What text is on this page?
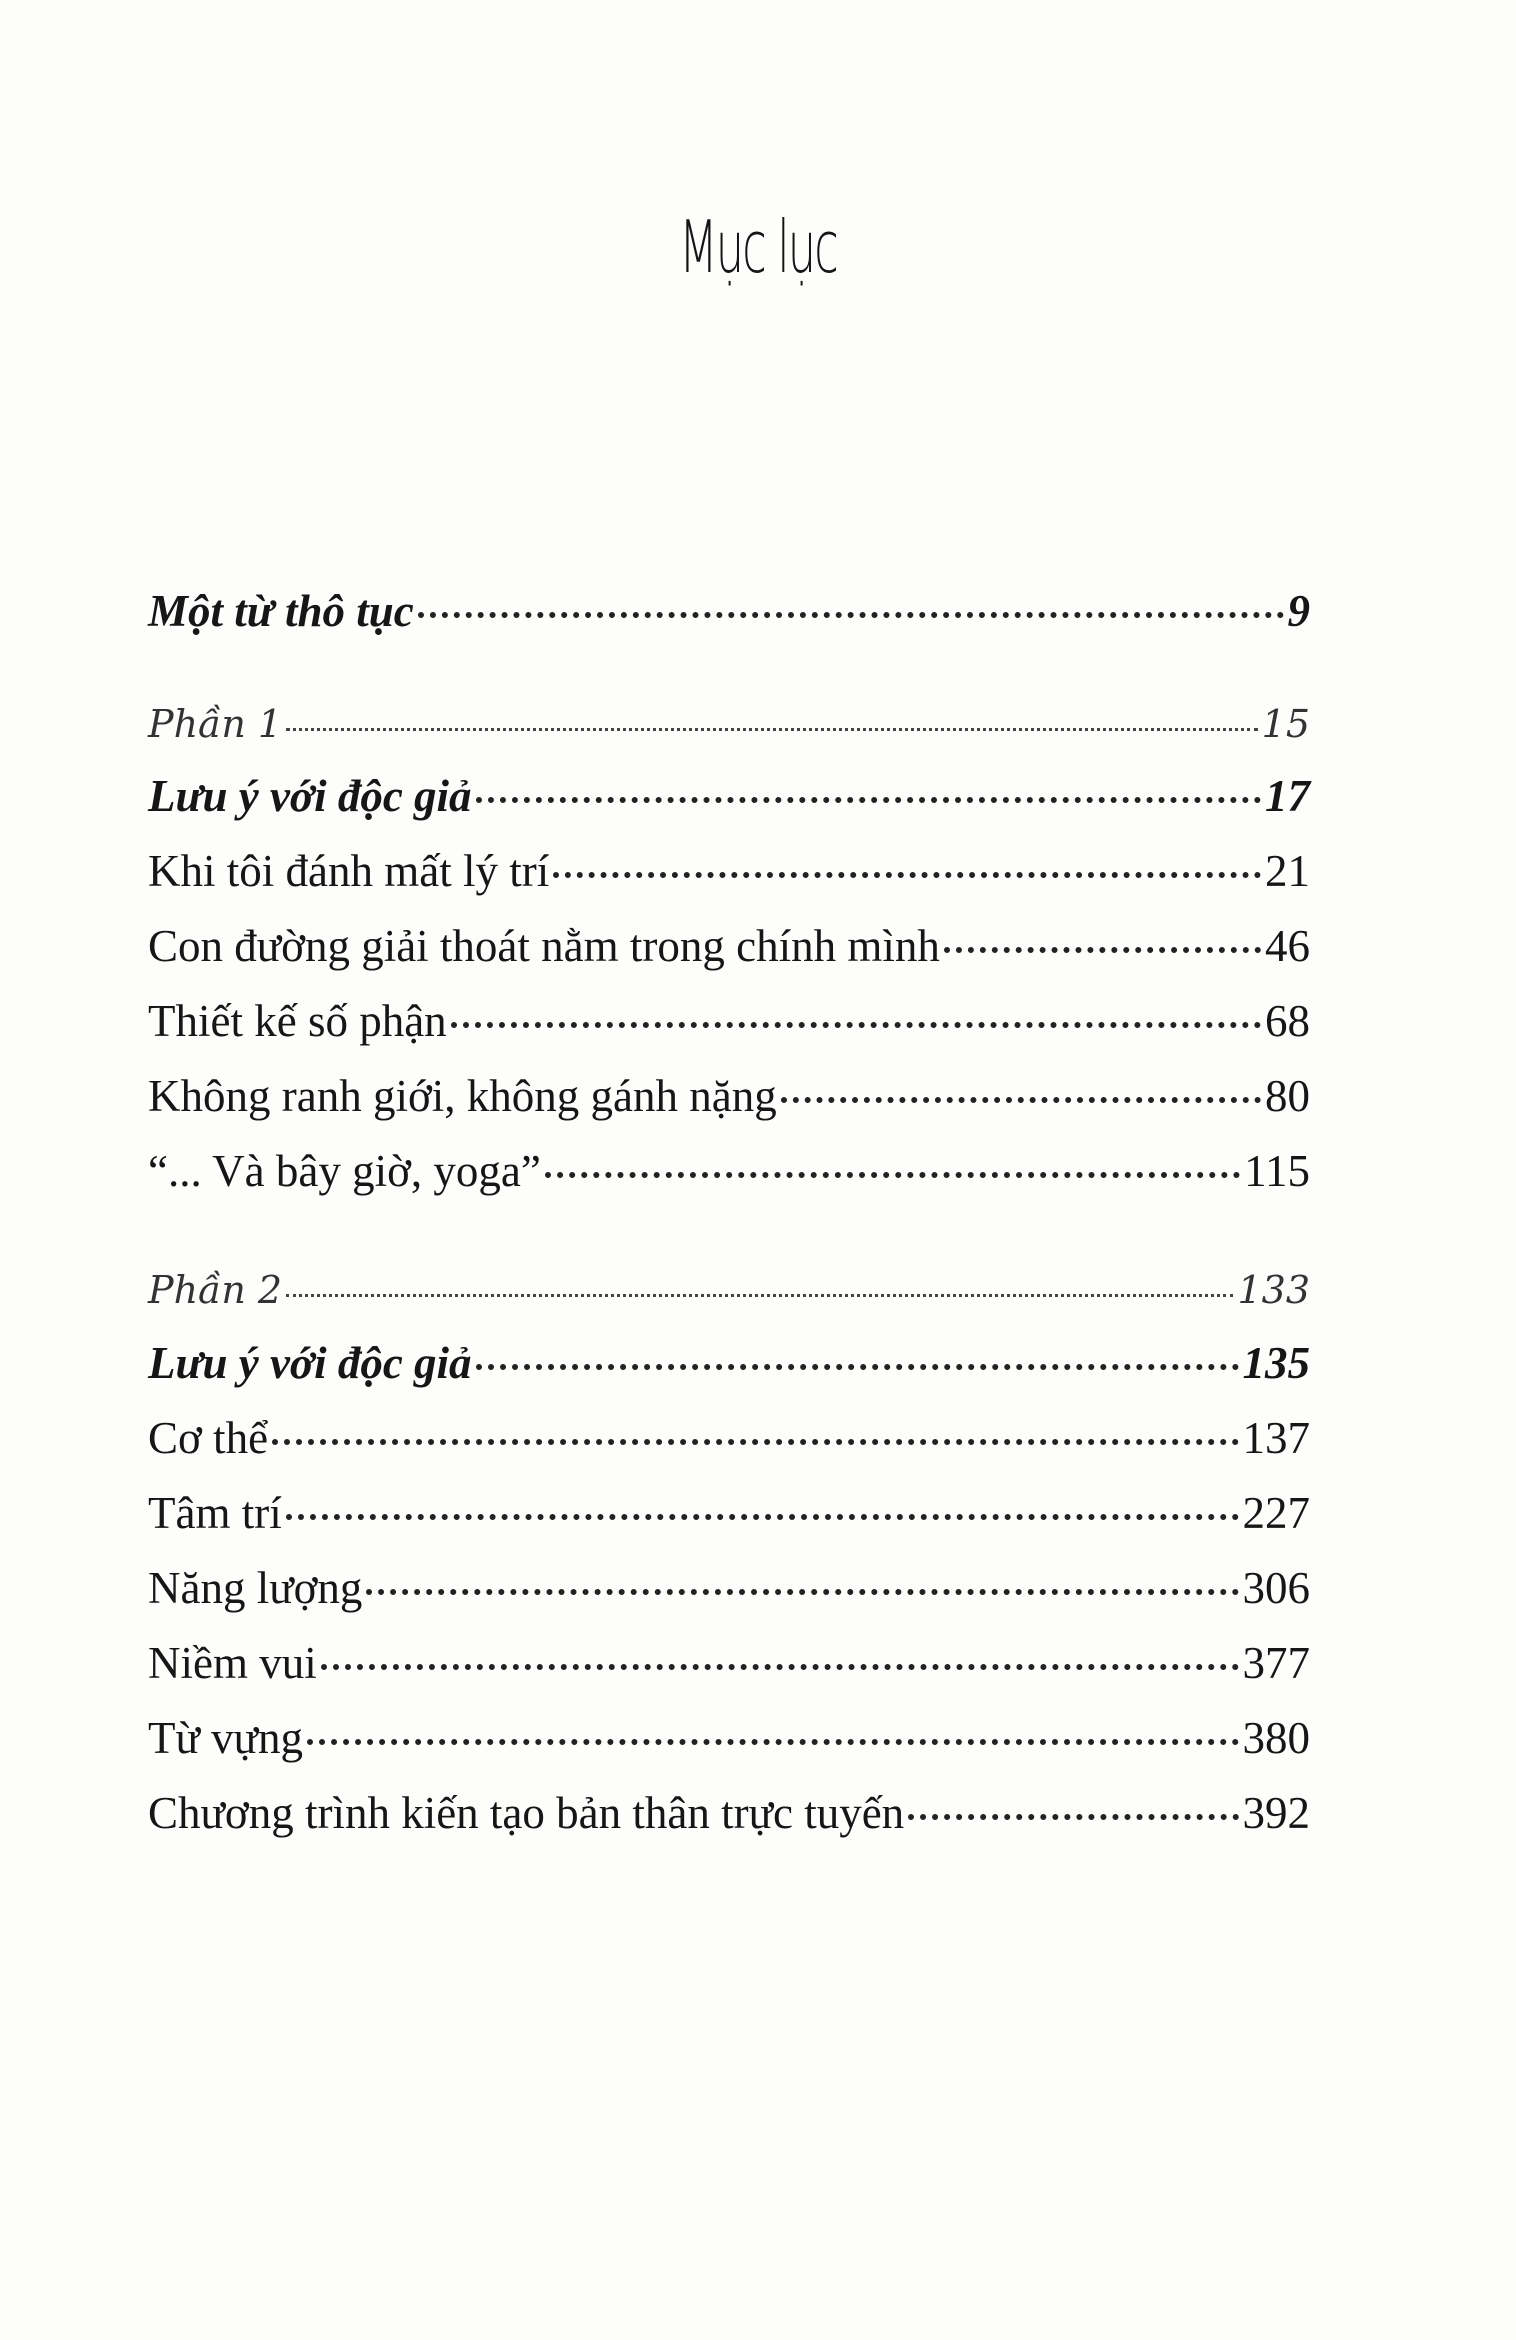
Mục lục
Một từ thô tục	9
Phần 1	15
Lưu ý với độc giả	17
Khi tôi đánh mất lý trí	21
Con đường giải thoát nằm trong chính mình	46
Thiết kế số phận	68
Không ranh giới, không gánh nặng	80
“... Và bây giờ, yoga”	115
Phần 2	133
Lưu ý với độc giả	135
Cơ thể	137
Tâm trí	227
Năng lượng	306
Niềm vui	377
Từ vựng	380
Chương trình kiến tạo bản thân trực tuyến	392
